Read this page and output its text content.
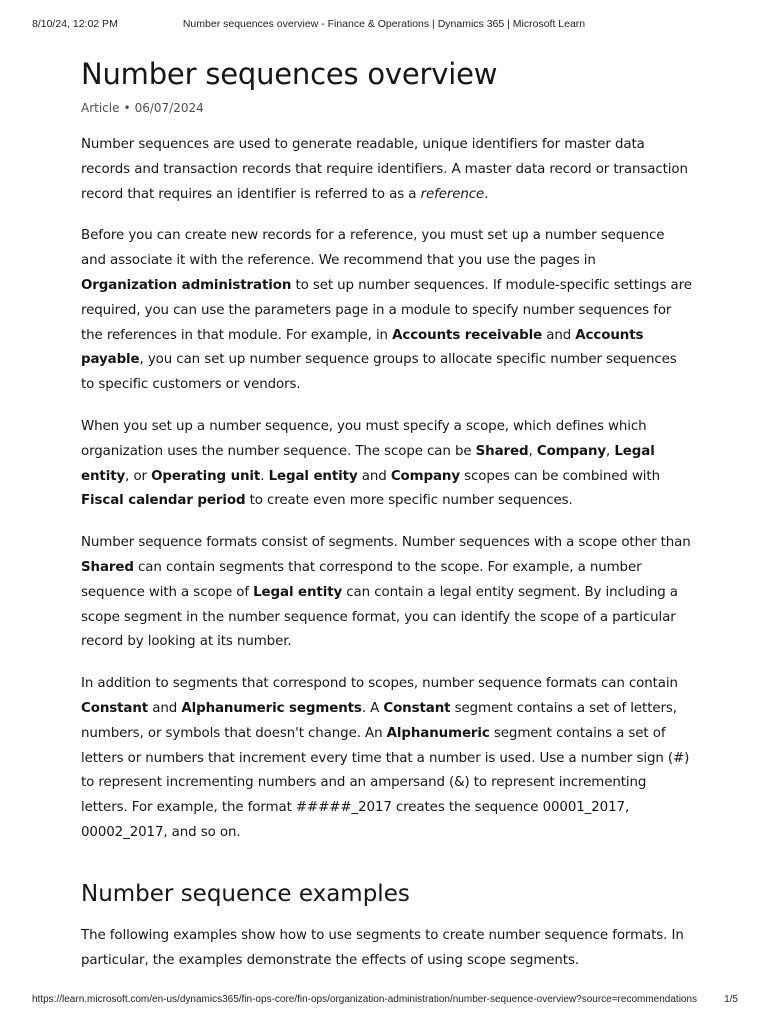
8/10/24, 12:02 PM	Number sequences overview - Finance & Operations | Dynamics 365 | Microsoft Learn
Number sequences overview
Article • 06/07/2024

Number sequences are used to generate readable, unique identifiers for master data records and transaction records that require identifiers. A master data record or transaction record that requires an identifier is referred to as a reference.

Before you can create new records for a reference, you must set up a number sequence and associate it with the reference. We recommend that you use the pages in Organization administration to set up number sequences. If module-specific settings are required, you can use the parameters page in a module to specify number sequences for the references in that module. For example, in Accounts receivable and Accounts payable, you can set up number sequence groups to allocate specific number sequences to specific customers or vendors.

When you set up a number sequence, you must specify a scope, which defines which organization uses the number sequence. The scope can be Shared, Company, Legal entity, or Operating unit. Legal entity and Company scopes can be combined with Fiscal calendar period to create even more specific number sequences.

Number sequence formats consist of segments. Number sequences with a scope other than Shared can contain segments that correspond to the scope. For example, a number sequence with a scope of Legal entity can contain a legal entity segment. By including a scope segment in the number sequence format, you can identify the scope of a particular record by looking at its number.

In addition to segments that correspond to scopes, number sequence formats can contain Constant and Alphanumeric segments. A Constant segment contains a set of letters, numbers, or symbols that doesn't change. An Alphanumeric segment contains a set of letters or numbers that increment every time that a number is used. Use a number sign (#) to represent incrementing numbers and an ampersand (&) to represent incrementing letters. For example, the format #####_2017 creates the sequence 00001_2017, 00002_2017, and so on.

Number sequence examples

The following examples show how to use segments to create number sequence formats. In particular, the examples demonstrate the effects of using scope segments.

https://learn.microsoft.com/en-us/dynamics365/fin-ops-core/fin-ops/organization-administration/number-sequence-overview?source=recommendations	1/5
